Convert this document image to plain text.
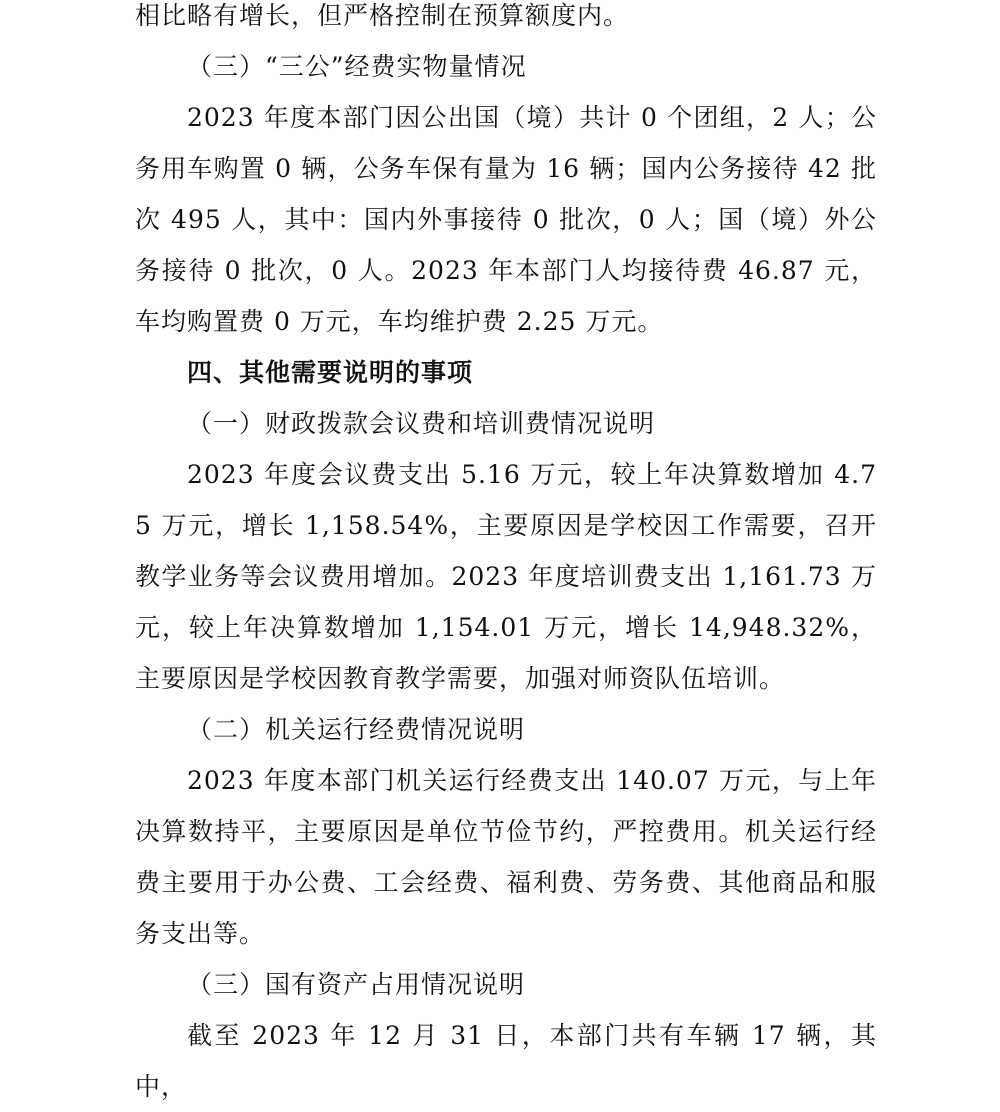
相比略有增长，但严格控制在预算额度内。

（三）“三公”经费实物量情况

2023 年度本部门因公出国（境）共计 0 个团组，2 人；公务用车购置 0 辆，公务车保有量为 16 辆；国内公务接待 42 批次 495 人，其中：国内外事接待 0 批次，0 人；国（境）外公务接待 0 批次，0 人。2023 年本部门人均接待费 46.87 元，车均购置费 0 万元，车均维护费 2.25 万元。

四、其他需要说明的事项

（一）财政拨款会议费和培训费情况说明

2023 年度会议费支出 5.16 万元，较上年决算数增加 4.75 万元，增长 1,158.54%，主要原因是学校因工作需要，召开教学业务等会议费用增加。2023 年度培训费支出 1,161.73 万元，较上年决算数增加 1,154.01 万元，增长 14,948.32%，主要原因是学校因教育教学需要，加强对师资队伍培训。

（二）机关运行经费情况说明

2023 年度本部门机关运行经费支出 140.07 万元，与上年决算数持平，主要原因是单位节俭节约，严控费用。机关运行经费主要用于办公费、工会经费、福利费、劳务费、其他商品和服务支出等。

（三）国有资产占用情况说明

截至 2023 年 12 月 31 日，本部门共有车辆 17 辆，其中，
